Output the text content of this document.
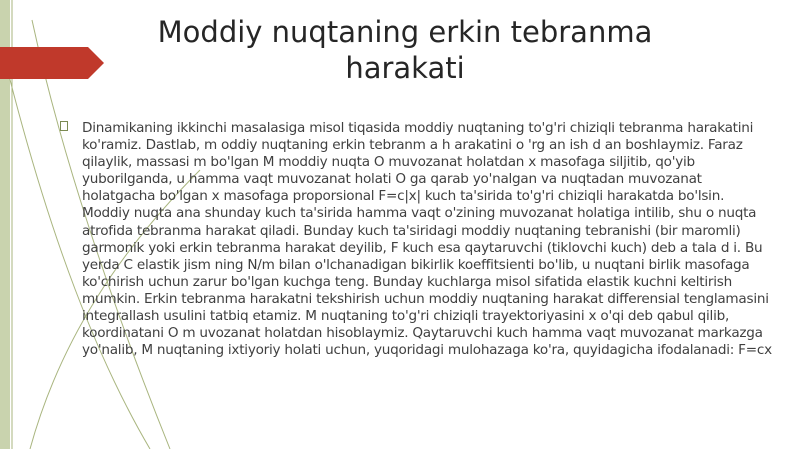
Moddiy nuqtaning erkin tebranma harakati

Dinamikaning ikkinchi masalasiga misol tiqasida moddiy nuqtaning to'g'ri chiziqli tebranma harakatini ko'ramiz. Dastlab, m oddiy nuqtaning erkin tebranm a h arakatini o 'rg an ish d an boshlaymiz. Faraz qilaylik, massasi m bo'lgan M moddiy nuqta O muvozanat holatdan x masofaga siljitib, qo'yib yuborilganda, u hamma vaqt muvozanat holati O ga qarab yo'nalgan va nuqtadan muvozanat holatgacha bo'lgan x masofaga proporsional F=c|x| kuch ta'sirida to'g'ri chiziqli harakatda bo'lsin. Moddiy nuqta ana shunday kuch ta'sirida hamma vaqt o'zining muvozanat holatiga intilib, shu o nuqta atrofida tebranma harakat qiladi. Bunday kuch ta'siridagi moddiy nuqtaning tebranishi (bir maromli) garmonik yoki erkin tebranma harakat deyilib, F kuch esa qaytaruvchi (tiklovchi kuch) deb a tala d i. Bu yerda C elastik jism ning N/m bilan o'lchanadigan bikirlik koeffitsienti bo'lib, u nuqtani birlik masofaga ko'chirish uchun zarur bo'lgan kuchga teng. Bunday kuchlarga misol sifatida elastik kuchni keltirish mumkin. Erkin tebranma harakatni tekshirish uchun moddiy nuqtaning harakat differensial tenglamasini integrallash usulini tatbiq etamiz. M nuqtaning to'g'ri chiziqli trayektoriyasini x o'qi deb qabul qilib, koordinatani O m uvozanat holatdan hisoblaymiz. Qaytaruvchi kuch hamma vaqt muvozanat markazga yo'nalib, M nuqtaning ixtiyoriy holati uchun, yuqoridagi mulohazaga ko'ra, quyidagicha ifodalanadi: F=cx
